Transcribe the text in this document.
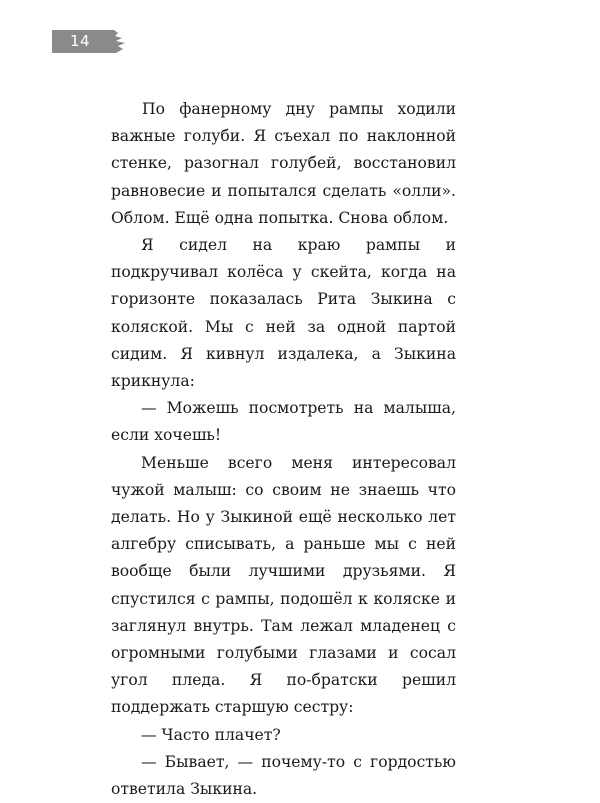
14

По фанерному дну рампы ходили важные голуби. Я съехал по наклонной стенке, разогнал голубей, восстановил равновесие и попытался сделать «олли». Облом. Ещё одна попытка. Снова облом.

Я сидел на краю рампы и подкручивал колёса у скейта, когда на горизонте показалась Рита Зыкина с коляской. Мы с ней за одной партой сидим. Я кивнул издалека, а Зыкина крикнула:

— Можешь посмотреть на малыша, если хочешь!

Меньше всего меня интересовал чужой малыш: со своим не знаешь что делать. Но у Зыкиной ещё несколько лет алгебру списывать, а раньше мы с ней вообще были лучшими друзьями. Я спустился с рампы, подошёл к коляске и заглянул внутрь. Там лежал младенец с огромными голубыми глазами и сосал угол пледа. Я по-братски решил поддержать старшую сестру:

— Часто плачет?

— Бывает, — почему-то с гордостью ответила Зыкина.
